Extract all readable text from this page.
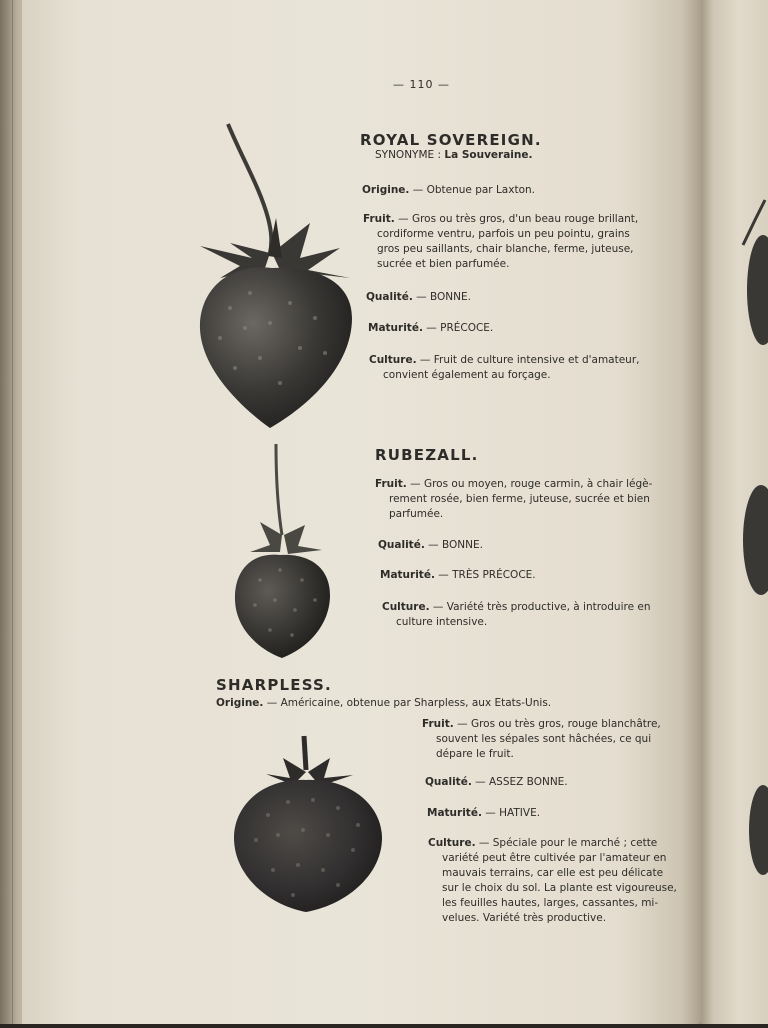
— 110 —
ROYAL SOVEREIGN.
SYNONYME : La Souveraine.
Origine. — Obtenue par Laxton.
Fruit. — Gros ou très gros, d'un beau rouge brillant,
cordiforme ventru, parfois un peu pointu, grains
gros peu saillants, chair blanche, ferme, juteuse,
sucrée et bien parfumée.
Qualité. — BONNE.
Maturité. — PRÉCOCE.
Culture. — Fruit de culture intensive et d'amateur,
convient également au forçage.
RUBEZALL.
Fruit. — Gros ou moyen, rouge carmin, à chair légè-
rement rosée, bien ferme, juteuse, sucrée et bien
parfumée.
Qualité. — BONNE.
Maturité. — TRÈS PRÉCOCE.
Culture. — Variété très productive, à introduire en
culture intensive.
SHARPLESS.
Origine. — Américaine, obtenue par Sharpless, aux Etats-Unis.
Fruit. — Gros ou très gros, rouge blanchâtre,
souvent les sépales sont hâchées, ce qui
dépare le fruit.
Qualité. — ASSEZ BONNE.
Maturité. — HATIVE.
Culture. — Spéciale pour le marché ; cette
variété peut être cultivée par l'amateur en
mauvais terrains, car elle est peu délicate
sur le choix du sol. La plante est vigoureuse,
les feuilles hautes, larges, cassantes, mi-
velues. Variété très productive.
